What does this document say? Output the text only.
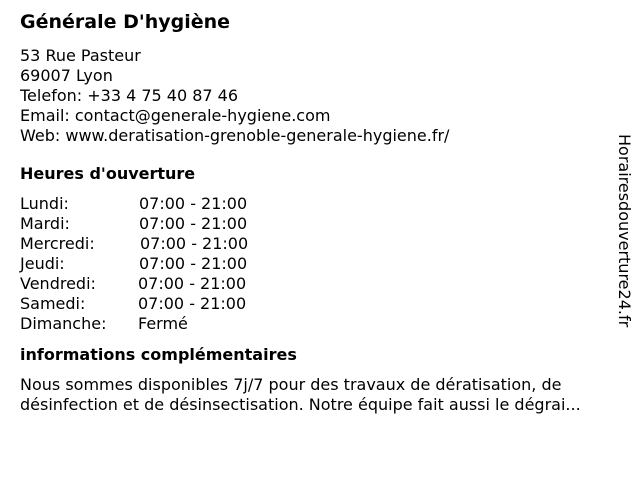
Générale D'hygiène
53 Rue Pasteur
69007 Lyon
Telefon: +33 4 75 40 87 46
Email: contact@generale-hygiene.com
Web: www.deratisation-grenoble-generale-hygiene.fr/
Heures d'ouverture
Lundi:	07:00 - 21:00
Mardi:	07:00 - 21:00
Mercredi:	07:00 - 21:00
Jeudi:	07:00 - 21:00
Vendredi:	07:00 - 21:00
Samedi:	07:00 - 21:00
Dimanche: Fermé
informations complémentaires
Nous sommes disponibles 7j/7 pour des travaux de dératisation, de désinfection et de désinsectisation. Notre équipe fait aussi le dégrai...
Horairesdouverture24.fr
